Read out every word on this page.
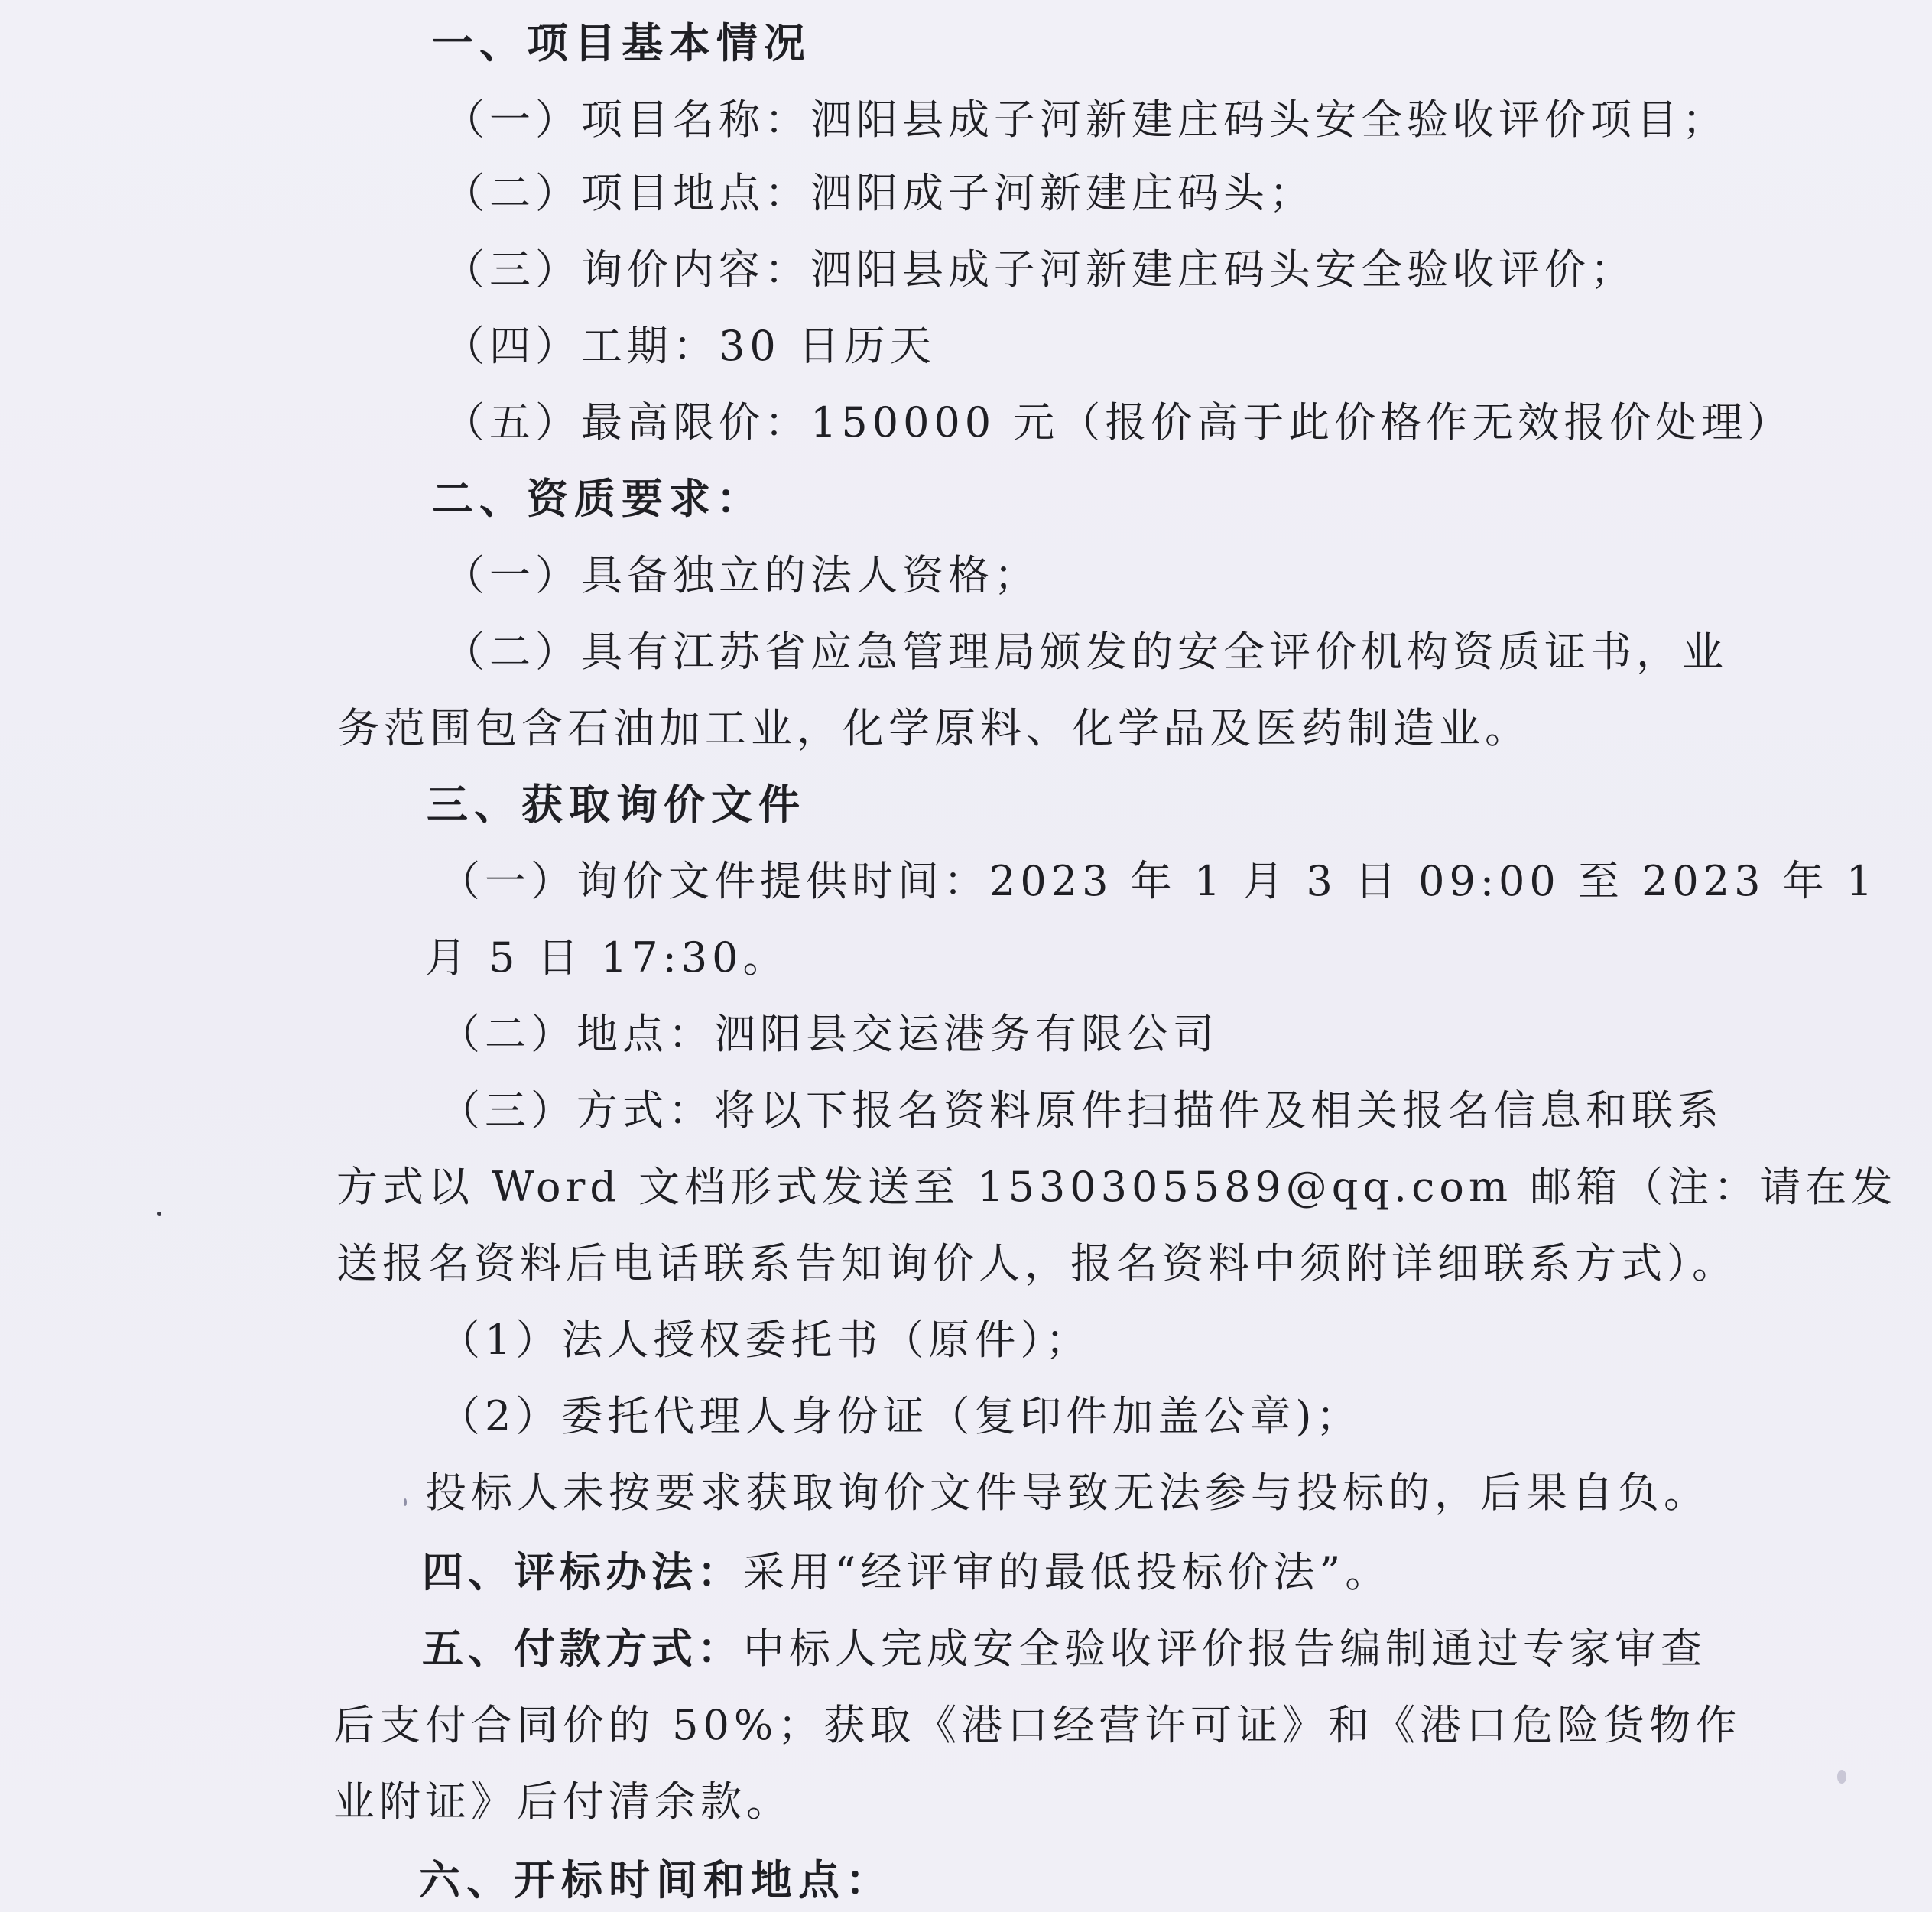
一、项目基本情况
（一）项目名称：泗阳县成子河新建庄码头安全验收评价项目；
（二）项目地点：泗阳成子河新建庄码头；
（三）询价内容：泗阳县成子河新建庄码头安全验收评价；
（四）工期：30 日历天
（五）最高限价：150000 元（报价高于此价格作无效报价处理）
二、资质要求：
（一）具备独立的法人资格；
（二）具有江苏省应急管理局颁发的安全评价机构资质证书，业
务范围包含石油加工业，化学原料、化学品及医药制造业。
三、获取询价文件
（一）询价文件提供时间：2023 年 1 月 3 日 09:00 至 2023 年 1
月 5 日 17:30。
（二）地点：泗阳县交运港务有限公司
（三）方式：将以下报名资料原件扫描件及相关报名信息和联系
方式以 Word 文档形式发送至 1530305589@qq.com 邮箱（注：请在发
送报名资料后电话联系告知询价人，报名资料中须附详细联系方式）。
（1）法人授权委托书（原件）；
（2）委托代理人身份证（复印件加盖公章)；
投标人未按要求获取询价文件导致无法参与投标的，后果自负。
四、评标办法：采用“经评审的最低投标价法”。
五、付款方式：中标人完成安全验收评价报告编制通过专家审查
后支付合同价的 50%；获取《港口经营许可证》和《港口危险货物作
业附证》后付清余款。
六、开标时间和地点：
